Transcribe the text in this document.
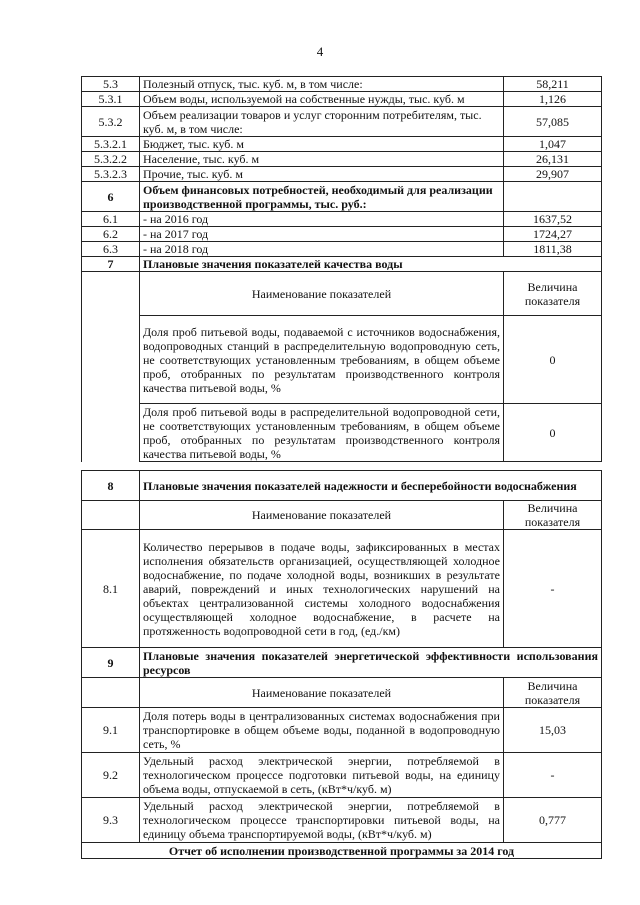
4
5.3	Полезный отпуск, тыс. куб. м, в том числе:	58,211
5.3.1	Объем воды, используемой на собственные нужды, тыс. куб. м	1,126
5.3.2	Объем реализации товаров и услуг сторонним потребителям, тыс. куб. м, в том числе:	57,085
5.3.2.1	Бюджет, тыс. куб. м	1,047
5.3.2.2	Население, тыс. куб. м	26,131
5.3.2.3	Прочие, тыс. куб. м	29,907
6	Объем финансовых потребностей, необходимый для реализации производственной программы, тыс. руб.:	
6.1	- на 2016 год	1637,52
6.2	- на 2017 год	1724,27
6.3	- на 2018 год	1811,38
7	Плановые значения показателей качества воды	
	Наименование показателей	Величина показателя
	Доля проб питьевой воды, подаваемой с источников водоснабжения, водопроводных станций в распределительную водопроводную сеть, не соответствующих установленным требованиям, в общем объеме проб, отобранных по результатам производственного контроля качества питьевой воды, %	0
	Доля проб питьевой воды в распределительной водопроводной сети, не соответствующих установленным требованиям, в общем объеме проб, отобранных по результатам производственного контроля качества питьевой воды, %	0
8	Плановые значения показателей надежности и бесперебойности водоснабжения	
	Наименование показателей	Величина показателя
8.1	Количество перерывов в подаче воды, зафиксированных в местах исполнения обязательств организацией, осуществляющей холодное водоснабжение, по подаче холодной воды, возникших в результате аварий, повреждений и иных технологических нарушений на объектах централизованной системы холодного водоснабжения осуществляющей холодное водоснабжение, в расчете на протяженность водопроводной сети в год, (ед./км)	-
9	Плановые значения показателей энергетической эффективности использования ресурсов	
	Наименование показателей	Величина показателя
9.1	Доля потерь воды в централизованных системах водоснабжения при транспортировке в общем объеме воды, поданной в водопроводную сеть, %	15,03
9.2	Удельный расход электрической энергии, потребляемой в технологическом процессе подготовки питьевой воды, на единицу объема воды, отпускаемой в сеть, (кВт*ч/куб. м)	-
9.3	Удельный расход электрической энергии, потребляемой в технологическом процессе транспортировки питьевой воды, на единицу объема транспортируемой воды, (кВт*ч/куб. м)	0,777
Отчет об исполнении производственной программы за 2014 год		
